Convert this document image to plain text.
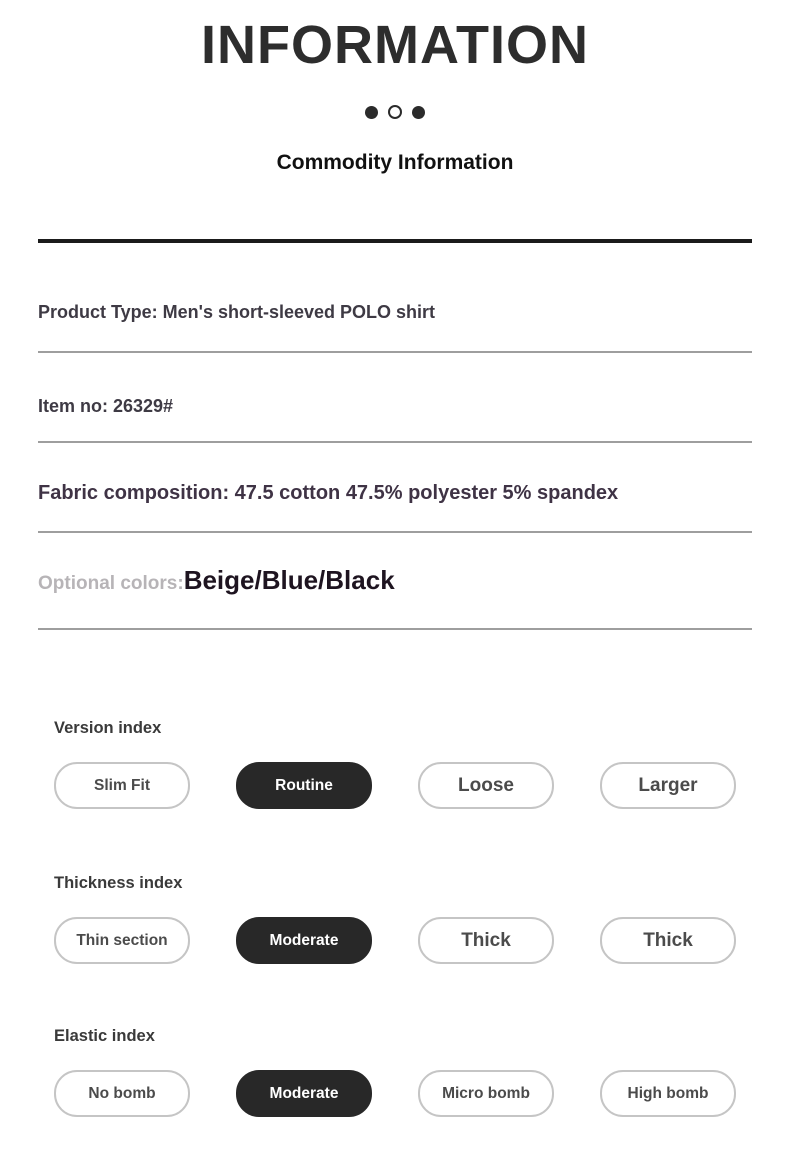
INFORMATION
Commodity Information

Product Type: Men's short-sleeved POLO shirt

Item no: 26329#

Fabric composition: 47.5 cotton 47.5% polyester 5% spandex

Optional colors:Beige/Blue/Black

Version index

Slim Fit	Routine	Loose	Larger

Thickness index

Thin section	Moderate	Thick	Thick

Elastic index

No bomb	Moderate	Micro bomb	High bomb
